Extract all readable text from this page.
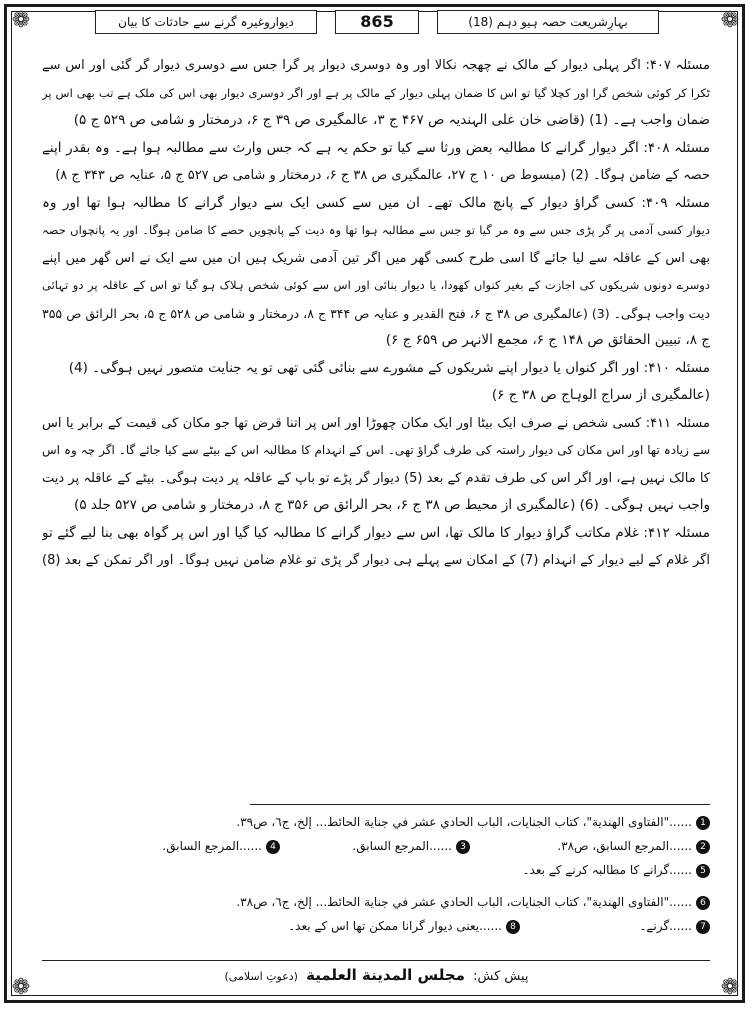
❁	❁
❁	❁
دیواروغیرہ گرنے سے حادثات کا بیان	865	بہارِشریعت حصہ ہیو دہم (18)
مسئلہ ۴۰۷: اگر پہلی دیوار کے مالک نے چھجہ نکالا اور وہ دوسری دیوار پر گرا جس سے دوسری دیوار گر گئی اور اس سے
ٹکرا کر کوئی شخص گرا اور کچلا گیا تو اس کا ضمان پہلی دیوار کے مالک پر ہے اور اگر دوسری دیوار بھی اس کی ملک ہے تب بھی اس پر
ضمان واجب ہے۔ (1) (قاضی خان علی الہندیہ ص ۴۶۷ ج ۳، عالمگیری ص ۳۹ ج ۶، درمختار و شامی ص ۵۲۹ ج ۵)
مسئلہ ۴۰۸: اگر دیوار گرانے کا مطالبہ بعض ورثا سے کیا تو حکم یہ ہے کہ جس وارث سے مطالبہ ہوا ہے۔ وہ بقدر اپنے
حصہ کے ضامن ہوگا۔ (2) (مبسوط ص ۱۰ ج ۲۷، عالمگیری ص ۳۸ ج ۶، درمختار و شامی ص ۵۲۷ ج ۵، عنایہ ص ۳۴۳ ج ۸)
مسئلہ ۴۰۹: کسی گراؤ دیوار کے پانچ مالک تھے۔ ان میں سے کسی ایک سے دیوار گرانے کا مطالبہ ہوا تھا اور وہ
دیوار کسی آدمی پر گر پڑی جس سے وہ مر گیا تو جس سے مطالبہ ہوا تھا وہ دیت کے پانچویں حصے کا ضامن ہوگا۔ اور یہ پانچواں حصہ
بھی اس کے عاقلہ سے لیا جائے گا اسی طرح کسی گھر میں اگر تین آدمی شریک ہیں ان میں سے ایک نے اس گھر میں اپنے
دوسرے دونوں شریکوں کی اجازت کے بغیر کنواں کھودا، یا دیوار بنائی اور اس سے کوئی شخص ہلاک ہو گیا تو اس کے عاقلہ پر دو تہائی
دیت واجب ہوگی۔ (3) (عالمگیری ص ۳۸ ج ۶، فتح القدیر و عنایہ ص ۳۴۴ ج ۸، درمختار و شامی ص ۵۲۸ ج ۵، بحر الرائق ص ۳۵۵
ج ۸، تبیین الحقائق ص ۱۴۸ ج ۶، مجمع الانہر ص ۶۵۹ ج ۶)
مسئلہ ۴۱۰: اور اگر کنواں یا دیوار اپنے شریکوں کے مشورے سے بنائی گئی تھی تو یہ جنایت متصور نہیں ہوگی۔ (4)
(عالمگیری از سراج الوہاج ص ۳۸ ج ۶)
مسئلہ ۴۱۱: کسی شخص نے صرف ایک بیٹا اور ایک مکان چھوڑا اور اس پر اتنا قرض تھا جو مکان کی قیمت کے برابر یا اس
سے زیادہ تھا اور اس مکان کی دیوار راستہ کی طرف گراؤ تھی۔ اس کے انہدام کا مطالبہ اس کے بیٹے سے کیا جائے گا۔ اگر چہ وہ اس
کا مالک نہیں ہے، اور اگر اس کی طرف تقدم کے بعد (5) دیوار گر پڑے تو باپ کے عاقلہ پر دیت ہوگی۔ بیٹے کے عاقلہ پر دیت
واجب نہیں ہوگی۔ (6) (عالمگیری از محیط ص ۳۸ ج ۶، بحر الرائق ص ۳۵۶ ج ۸، درمختار و شامی ص ۵۲۷ جلد ۵)
مسئلہ ۴۱۲: غلام مکاتب گراؤ دیوار کا مالک تھا، اس سے دیوار گرانے کا مطالبہ کیا گیا اور اس پر گواہ بھی بنا لیے گئے تو
اگر غلام کے لیے دیوار کے انہدام (7) کے امکان سے پہلے ہی دیوار گر پڑی تو غلام ضامن نہیں ہوگا۔ اور اگر تمکن کے بعد (8)
1......"الفتاوى الهندية"، كتاب الجنايات، الباب الحادي عشر في جناية الحائط... إلخ، ج٦، ص٣٩.
2......المرجع السابق، ص٣٨.
3......المرجع السابق.
4......المرجع السابق.
5......گرانے کا مطالبہ کرنے کے بعد۔
6......"الفتاوى الهندية"، كتاب الجنايات، الباب الحادي عشر في جناية الحائط... إلخ، ج٦، ص٣٨.
7......گرنے۔
8......یعنی دیوار گرانا ممکن تھا اس کے بعد۔
پیش کش: مجلس المدينة العلمية (دعوتِ اسلامی)
